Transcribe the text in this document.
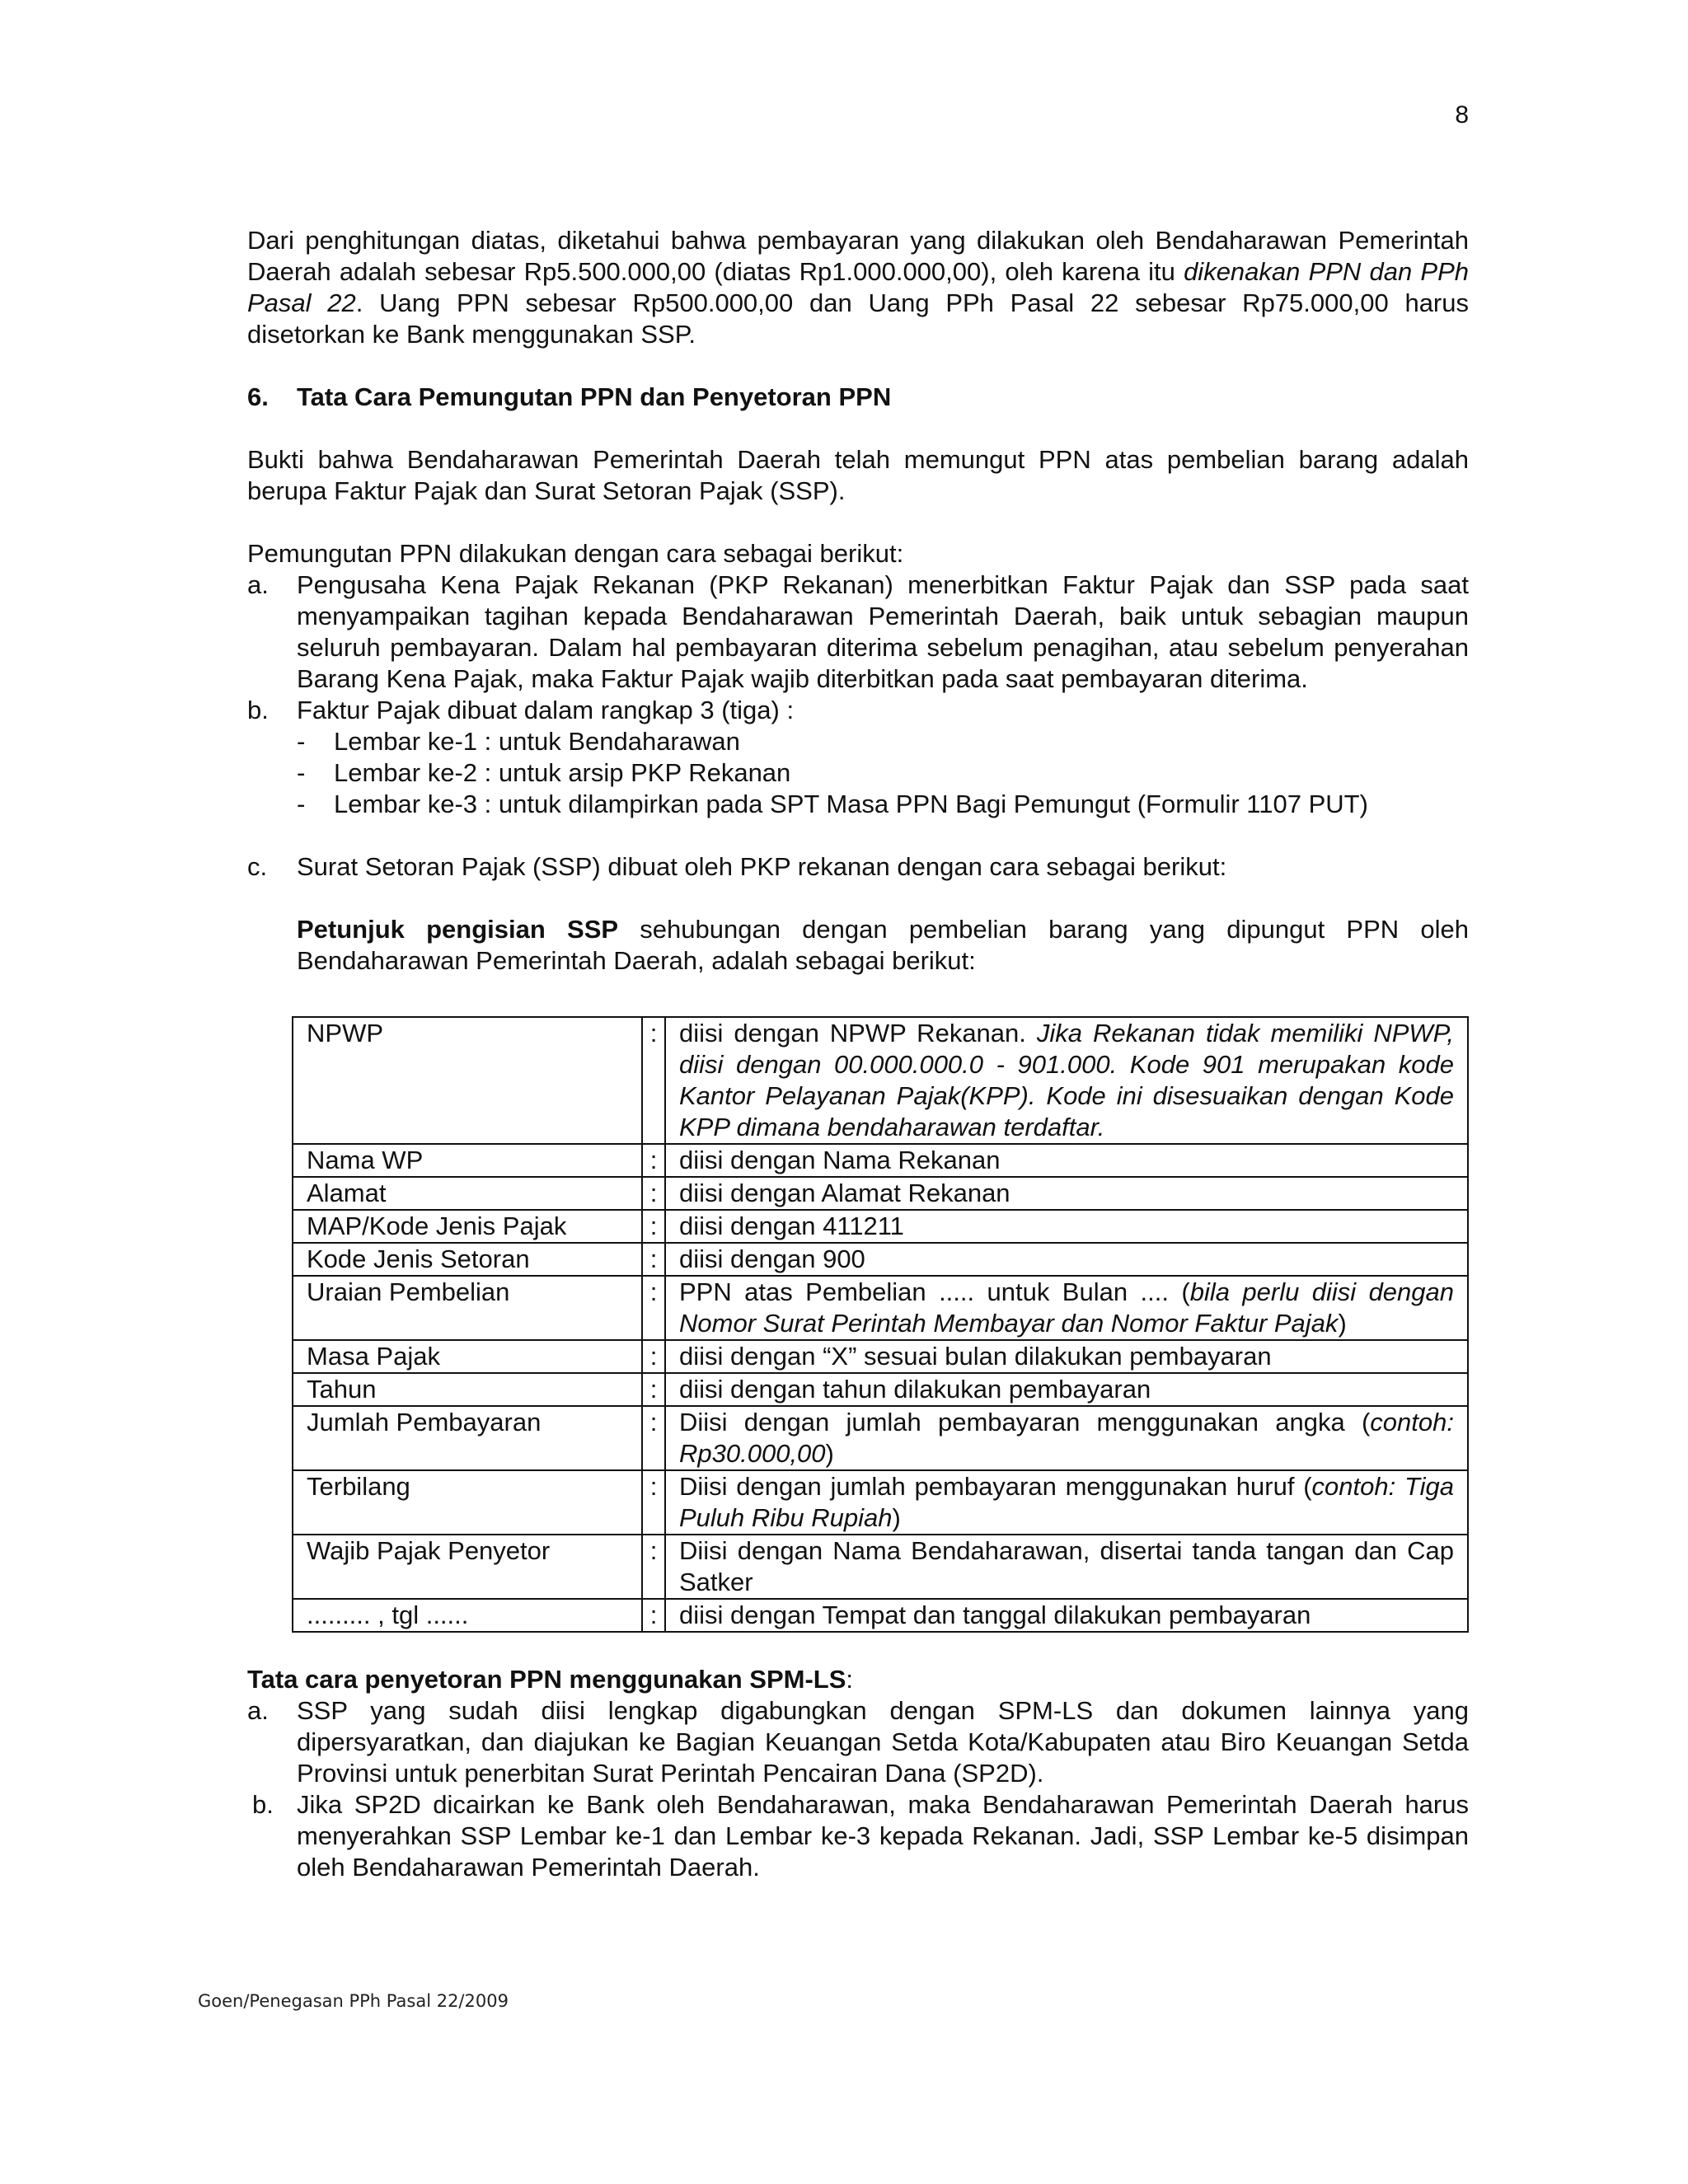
8

Dari penghitungan diatas, diketahui bahwa pembayaran yang dilakukan oleh Bendaharawan Pemerintah Daerah adalah sebesar Rp5.500.000,00 (diatas Rp1.000.000,00), oleh karena itu dikenakan PPN dan PPh Pasal 22. Uang PPN sebesar Rp500.000,00 dan Uang PPh Pasal 22 sebesar Rp75.000,00 harus disetorkan ke Bank menggunakan SSP.

6.	Tata Cara Pemungutan PPN dan Penyetoran PPN

Bukti bahwa Bendaharawan Pemerintah Daerah telah memungut PPN atas pembelian barang adalah berupa Faktur Pajak dan Surat Setoran Pajak (SSP).

Pemungutan PPN dilakukan dengan cara sebagai berikut:

a.	Pengusaha Kena Pajak Rekanan (PKP Rekanan) menerbitkan Faktur Pajak dan SSP pada saat menyampaikan tagihan kepada Bendaharawan Pemerintah Daerah, baik untuk sebagian maupun seluruh pembayaran. Dalam hal pembayaran diterima sebelum penagihan, atau sebelum penyerahan Barang Kena Pajak, maka Faktur Pajak wajib diterbitkan pada saat pembayaran diterima.
b.	Faktur Pajak dibuat dalam rangkap 3 (tiga) :
-	Lembar ke-1 : untuk Bendaharawan
-	Lembar ke-2 : untuk arsip PKP Rekanan
-	Lembar ke-3 : untuk dilampirkan pada SPT Masa PPN Bagi Pemungut (Formulir 1107 PUT)
c.	Surat Setoran Pajak (SSP) dibuat oleh PKP rekanan dengan cara sebagai berikut:

Petunjuk pengisian SSP sehubungan dengan pembelian barang yang dipungut PPN oleh Bendaharawan Pemerintah Daerah, adalah sebagai berikut:

NPWP	:	diisi dengan NPWP Rekanan. Jika Rekanan tidak memiliki NPWP, diisi dengan 00.000.000.0 - 901.000. Kode 901 merupakan kode Kantor Pelayanan Pajak(KPP). Kode ini disesuaikan dengan Kode KPP dimana bendaharawan terdaftar.
Nama WP	:	diisi dengan Nama Rekanan
Alamat	:	diisi dengan Alamat Rekanan
MAP/Kode Jenis Pajak	:	diisi dengan 411211
Kode Jenis Setoran	:	diisi dengan 900
Uraian Pembelian	:	PPN atas Pembelian ..... untuk Bulan .... (bila perlu diisi dengan Nomor Surat Perintah Membayar dan Nomor Faktur Pajak)
Masa Pajak	:	diisi dengan “X” sesuai bulan dilakukan pembayaran
Tahun	:	diisi dengan tahun dilakukan pembayaran
Jumlah Pembayaran	:	Diisi dengan jumlah pembayaran menggunakan angka (contoh: Rp30.000,00)
Terbilang	:	Diisi dengan jumlah pembayaran menggunakan huruf (contoh: Tiga Puluh Ribu Rupiah)
Wajib Pajak Penyetor	:	Diisi dengan Nama Bendaharawan, disertai tanda tangan dan Cap Satker
......... , tgl ......	:	diisi dengan Tempat dan tanggal dilakukan pembayaran

Tata cara penyetoran PPN menggunakan SPM-LS:

a.	SSP yang sudah diisi lengkap digabungkan dengan SPM-LS dan dokumen lainnya yang dipersyaratkan, dan diajukan ke Bagian Keuangan Setda Kota/Kabupaten atau Biro Keuangan Setda Provinsi untuk penerbitan Surat Perintah Pencairan Dana (SP2D).
b. Jika SP2D dicairkan ke Bank oleh Bendaharawan, maka Bendaharawan Pemerintah Daerah harus menyerahkan SSP Lembar ke-1 dan Lembar ke-3 kepada Rekanan. Jadi, SSP Lembar ke-5 disimpan oleh Bendaharawan Pemerintah Daerah.
Goen/Penegasan PPh Pasal 22/2009
